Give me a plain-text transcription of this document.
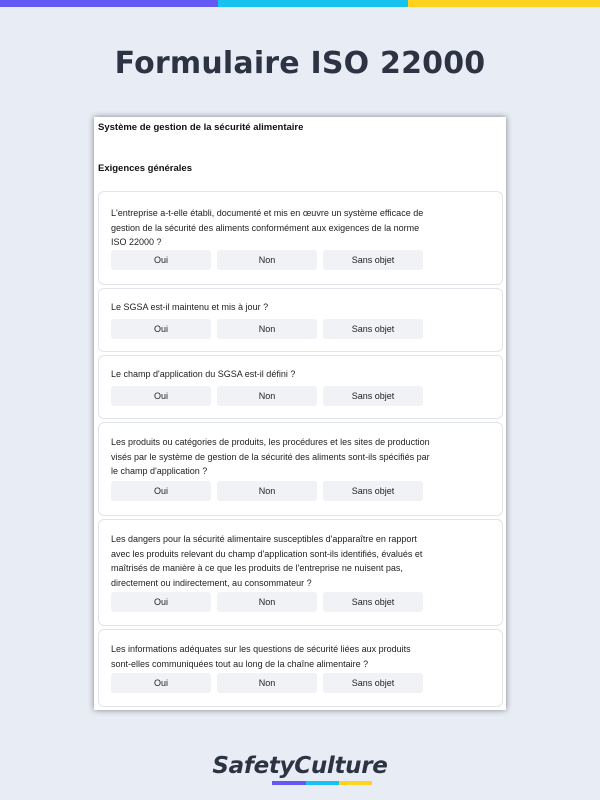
Formulaire ISO 22000
Système de gestion de la sécurité alimentaire
Exigences générales
L'entreprise a-t-elle établi, documenté et mis en œuvre un système efficace de gestion de la sécurité des aliments conformément aux exigences de la norme ISO 22000 ?
Oui	Non	Sans objet
Le SGSA est-il maintenu et mis à jour ?
Oui	Non	Sans objet
Le champ d'application du SGSA est-il défini ?
Oui	Non	Sans objet
Les produits ou catégories de produits, les procédures et les sites de production visés par le système de gestion de la sécurité des aliments sont-ils spécifiés par le champ d'application ?
Oui	Non	Sans objet
Les dangers pour la sécurité alimentaire susceptibles d'apparaître en rapport avec les produits relevant du champ d'application sont-ils identifiés, évalués et maîtrisés de manière à ce que les produits de l'entreprise ne nuisent pas, directement ou indirectement, au consommateur ?
Oui	Non	Sans objet
Les informations adéquates sur les questions de sécurité liées aux produits sont-elles communiquées tout au long de la chaîne alimentaire ?
Oui	Non	Sans objet
SafetyCulture
